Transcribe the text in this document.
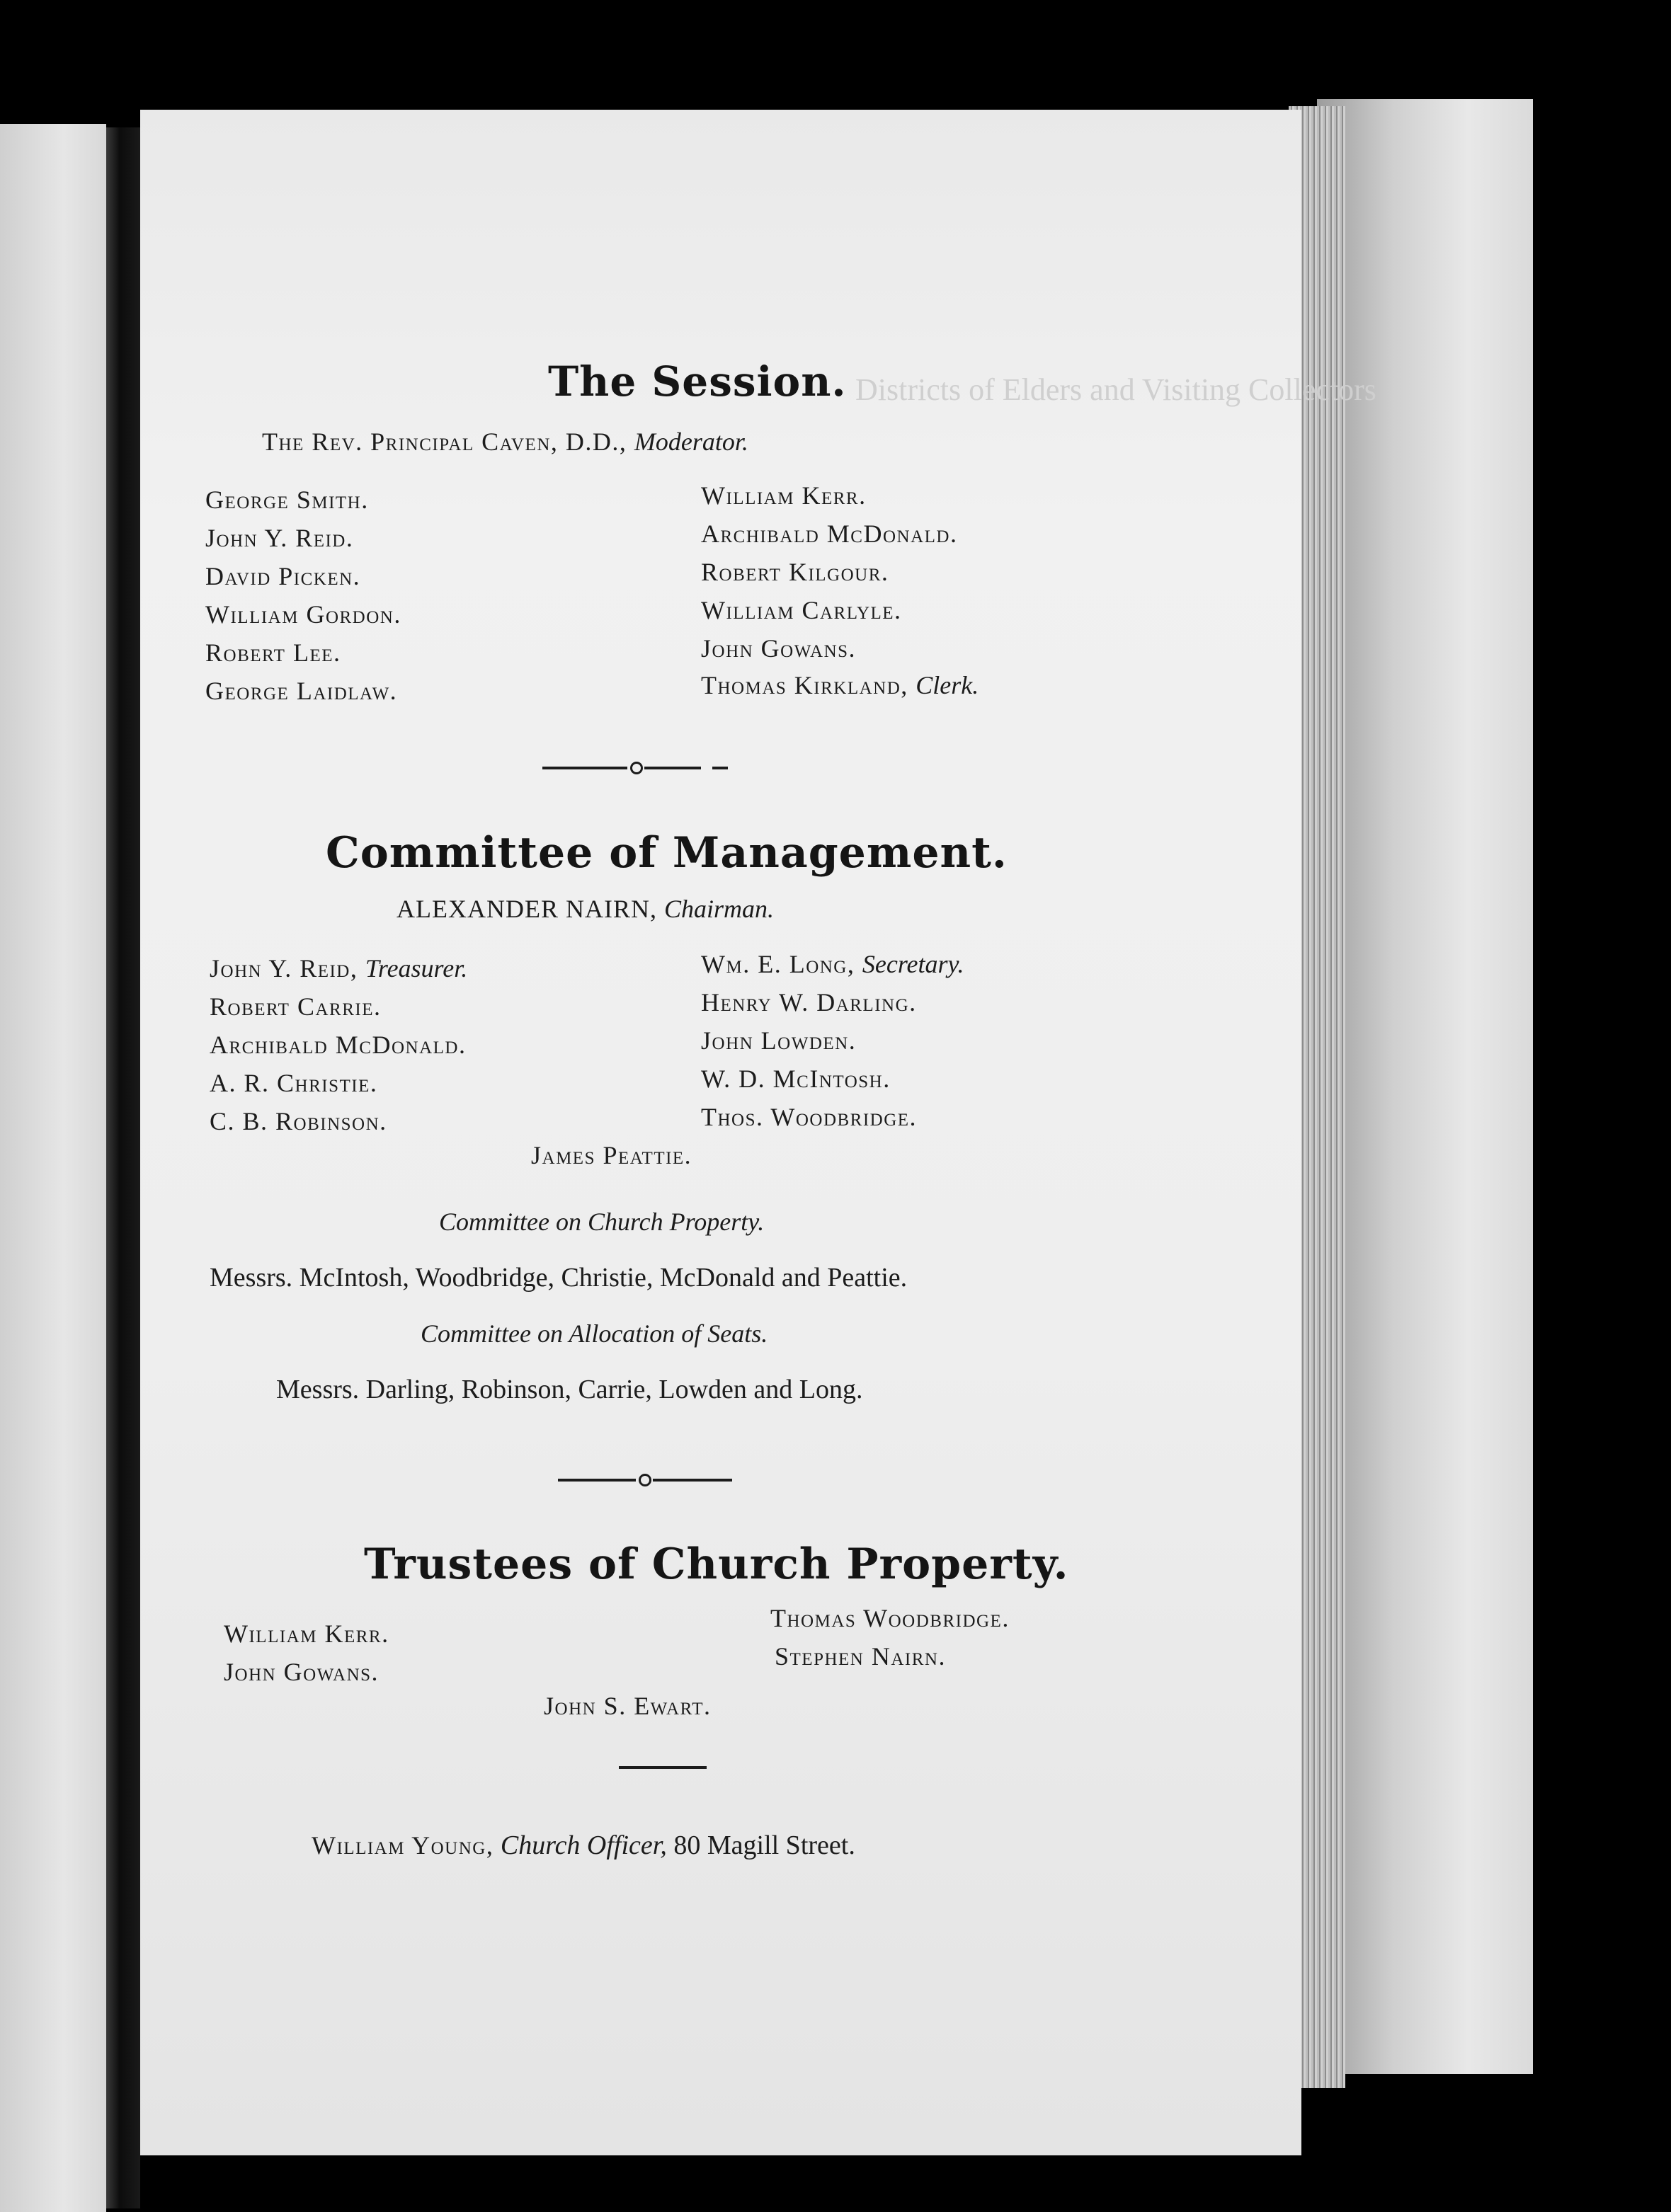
Districts of Elders and Visiting Collectors
The Session.
The Rev. Principal Caven, D.D., Moderator.
George Smith.
John Y. Reid.
David Picken.
William Gordon.
Robert Lee.
George Laidlaw.
William Kerr.
Archibald McDonald.
Robert Kilgour.
William Carlyle.
John Gowans.
Thomas Kirkland, Clerk.
Committee of Management.
ALEXANDER NAIRN, Chairman.
John Y. Reid, Treasurer.
Robert Carrie.
Archibald McDonald.
A. R. Christie.
C. B. Robinson.
Wm. E. Long, Secretary.
Henry W. Darling.
John Lowden.
W. D. McIntosh.
Thos. Woodbridge.
James Peattie.
Committee on Church Property.
Messrs. McIntosh, Woodbridge, Christie, McDonald and Peattie.
Committee on Allocation of Seats.
Messrs. Darling, Robinson, Carrie, Lowden and Long.
Trustees of Church Property.
William Kerr.
John Gowans.
Thomas Woodbridge.
Stephen Nairn.
John S. Ewart.
William Young, Church Officer, 80 Magill Street.
